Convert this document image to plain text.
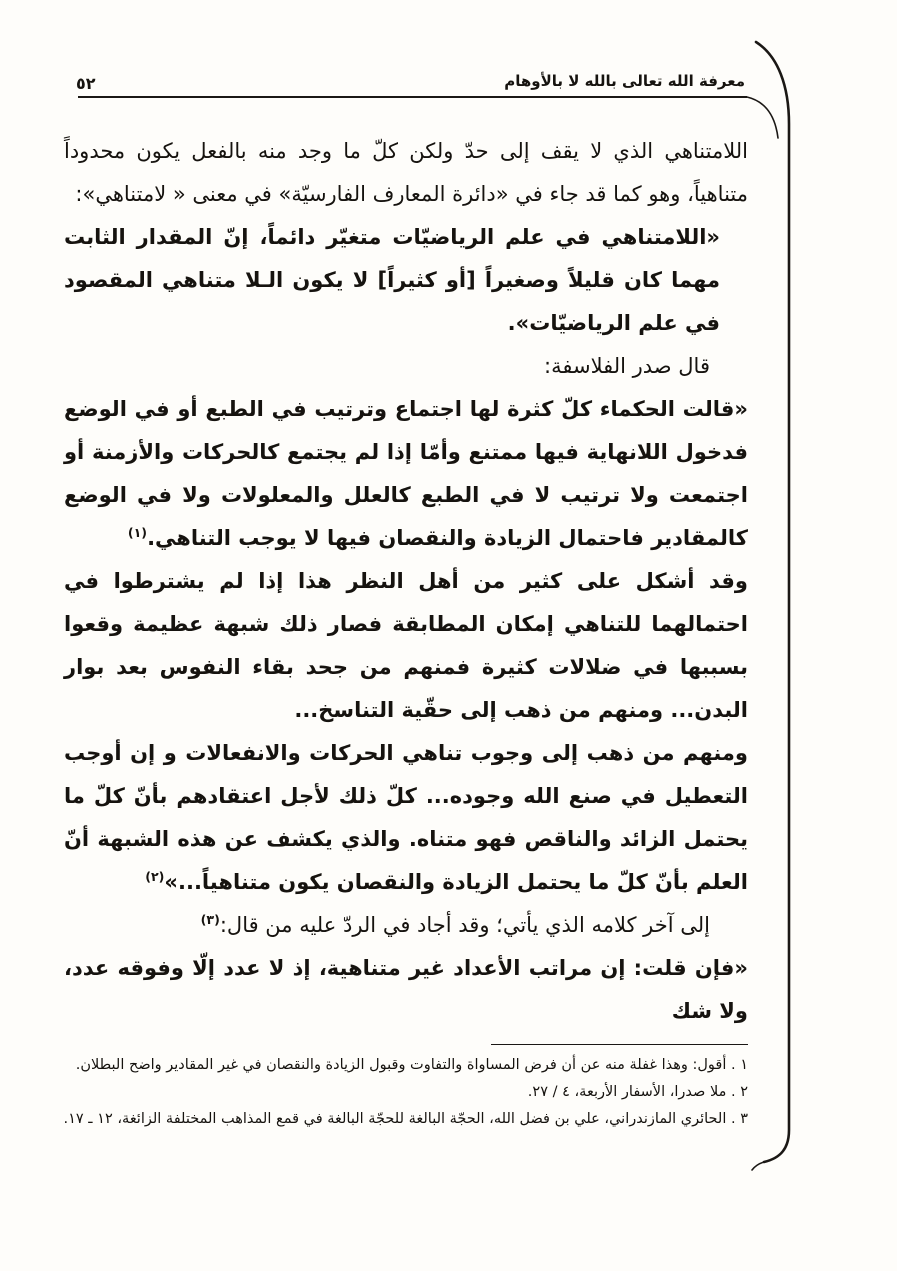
معرفة الله تعالى بالله لا بالأوهام
٥٢

اللامتناهي الذي لا يقف إلى حدّ ولكن كلّ ما وجد منه بالفعل يكون محدوداً متناهياً، وهو كما قد جاء في «دائرة المعارف الفارسيّة» في معنى « لامتناهي»:

«اللامتناهي في علم الرياضيّات متغيّر دائماً، إنّ المقدار الثابت مهما كان قليلاً وصغيراً [أو كثيراً] لا يكون الـلا متناهي المقصود في علم الرياضيّات».

قال صدر الفلاسفة:

«قالت الحكماء كلّ كثرة لها اجتماع وترتيب في الطبع أو في الوضع فدخول اللانهاية فيها ممتنع وأمّا إذا لم يجتمع كالحركات والأزمنة أو اجتمعت ولا ترتيب لا في الطبع كالعلل والمعلولات ولا في الوضع كالمقادير فاحتمال الزيادة والنقصان فيها لا يوجب التناهي.$^{(١)}$

وقد أشكل على كثير من أهل النظر هذا إذا لم يشترطوا في احتمالهما للتناهي إمكان المطابقة فصار ذلك شبهة عظيمة وقعوا بسببها في ضلالات كثيرة فمنهم من جحد بقاء النفوس بعد بوار البدن... ومنهم من ذهب إلى حقّية التناسخ...

ومنهم من ذهب إلى وجوب تناهي الحركات والانفعالات و إن أوجب التعطيل في صنع الله وجوده... كلّ ذلك لأجل اعتقادهم بأنّ كلّ ما يحتمل الزائد والناقص فهو متناه. والذي يكشف عن هذه الشبهة أنّ العلم بأنّ كلّ ما يحتمل الزيادة والنقصان يكون متناهياً...»$^{(٢)}$

إلى آخر كلامه الذي يأتي؛ وقد أجاد في الردّ عليه من قال:$^{(٣)}$

«فإن قلت: إن مراتب الأعداد غير متناهية، إذ لا عدد إلّا وفوقه عدد، ولا شك

١ . أقول: وهذا غفلة منه عن أن فرض المساواة والتفاوت وقبول الزيادة والنقصان في غير المقادير واضح البطلان.

٢ . ملا صدرا، الأسفار الأربعة، ٤ / ٢٧.

٣ . الحائري المازندراني، علي بن فضل الله، الحجّة البالغة للحجّة البالغة في قمع المذاهب المختلفة الزائغة، ١٢ ـ ١٧.
